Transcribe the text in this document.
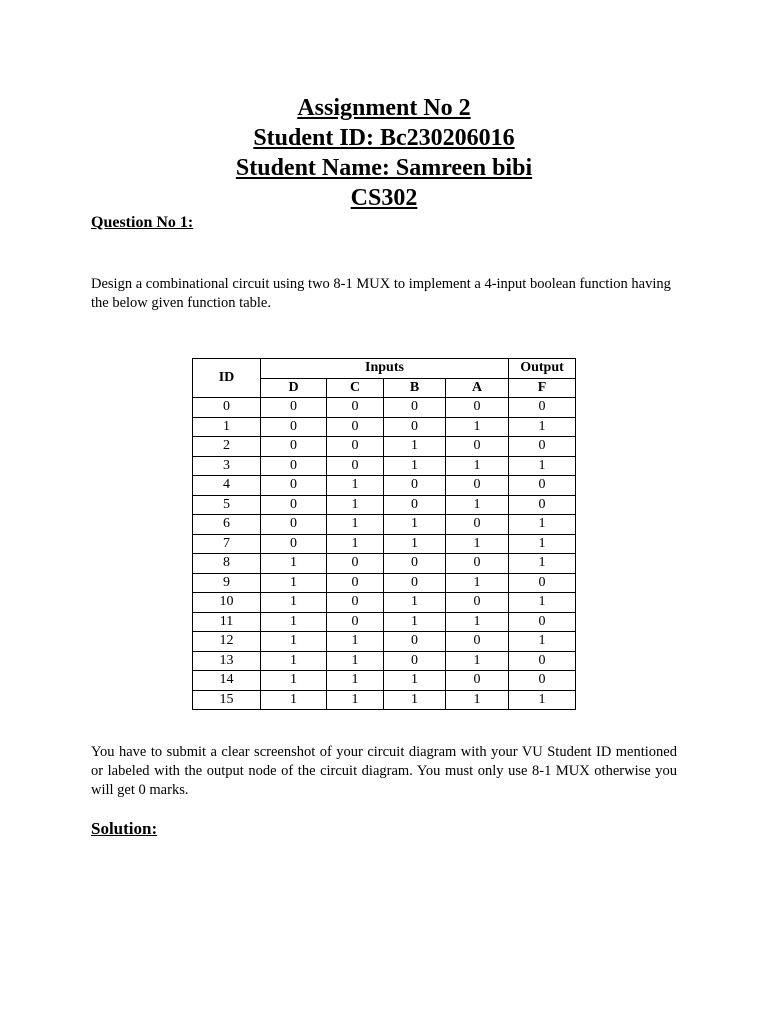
Assignment No 2
Student ID: Bc230206016
Student Name: Samreen bibi
CS302
Question No 1:

Design a combinational circuit using two 8-1 MUX to implement a 4-input boolean function having the below given function table.

ID	Inputs				Output
	D	C	B	A	F
0	0	0	0	0	0
1	0	0	0	1	1
2	0	0	1	0	0
3	0	0	1	1	1
4	0	1	0	0	0
5	0	1	0	1	0
6	0	1	1	0	1
7	0	1	1	1	1
8	1	0	0	0	1
9	1	0	0	1	0
10	1	0	1	0	1
11	1	0	1	1	0
12	1	1	0	0	1
13	1	1	0	1	0
14	1	1	1	0	0
15	1	1	1	1	1

You have to submit a clear screenshot of your circuit diagram with your VU Student ID mentioned or labeled with the output node of the circuit diagram. You must only use 8-1 MUX otherwise you will get 0 marks.

Solution:
